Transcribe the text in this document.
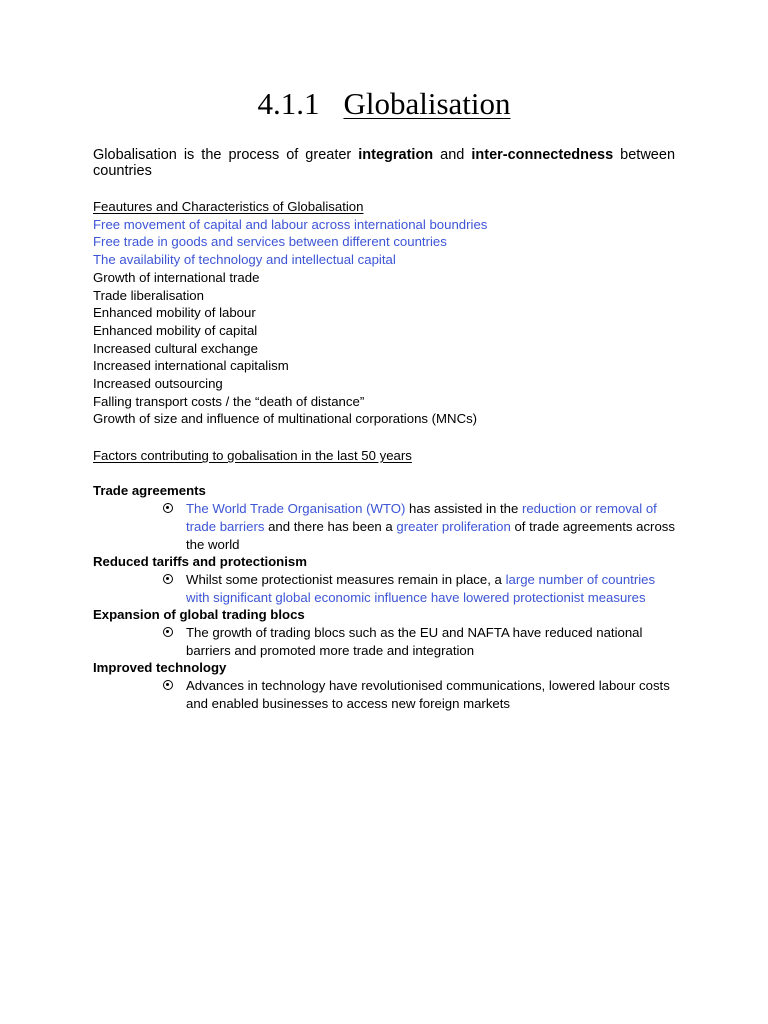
4.1.1 Globalisation
Globalisation is the process of greater integration and inter-connectedness between countries
Feautures and Characteristics of Globalisation
Free movement of capital and labour across international boundries
Free trade in goods and services between different countries
The availability of technology and intellectual capital
Growth of international trade
Trade liberalisation
Enhanced mobility of labour
Enhanced mobility of capital
Increased cultural exchange
Increased international capitalism
Increased outsourcing
Falling transport costs / the “death of distance”
Growth of size and influence of multinational corporations (MNCs)
Factors contributing to gobalisation in the last 50 years
Trade agreements
The World Trade Organisation (WTO) has assisted in the reduction or removal of trade barriers and there has been a greater proliferation of trade agreements across the world
Reduced tariffs and protectionism
Whilst some protectionist measures remain in place, a large number of countries with significant global economic influence have lowered protectionist measures
Expansion of global trading blocs
The growth of trading blocs such as the EU and NAFTA have reduced national barriers and promoted more trade and integration
Improved technology
Advances in technology have revolutionised communications, lowered labour costs and enabled businesses to access new foreign markets
